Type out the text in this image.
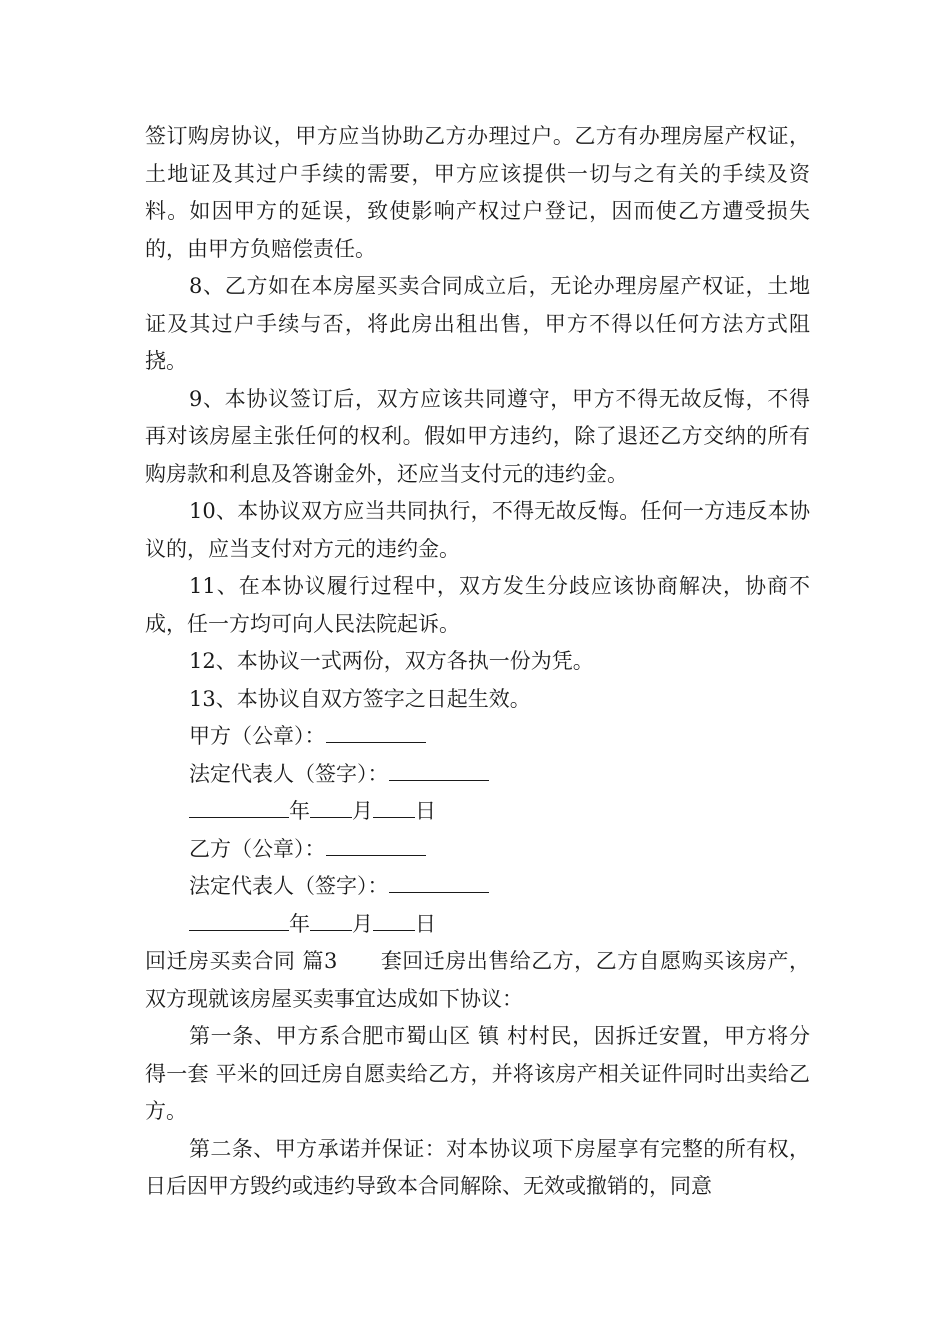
签订购房协议，甲方应当协助乙方办理过户。乙方有办理房屋产权证，土地证及其过户手续的需要，甲方应该提供一切与之有关的手续及资料。如因甲方的延误，致使影响产权过户登记，因而使乙方遭受损失的，由甲方负赔偿责任。

8、乙方如在本房屋买卖合同成立后，无论办理房屋产权证，土地证及其过户手续与否，将此房出租出售，甲方不得以任何方法方式阻挠。

9、本协议签订后，双方应该共同遵守，甲方不得无故反悔，不得再对该房屋主张任何的权利。假如甲方违约，除了退还乙方交纳的所有购房款和利息及答谢金外，还应当支付元的违约金。

10、本协议双方应当共同执行，不得无故反悔。任何一方违反本协议的，应当支付对方元的违约金。

11、在本协议履行过程中，双方发生分歧应该协商解决，协商不成，任一方均可向人民法院起诉。

12、本协议一式两份，双方各执一份为凭。

13、本协议自双方签字之日起生效。

甲方（公章）：
法定代表人（签字）：
年 月 日
乙方（公章）：
法定代表人（签字）：
年 月 日

回迁房买卖合同 篇3　　套回迁房出售给乙方，乙方自愿购买该房产，双方现就该房屋买卖事宜达成如下协议：

第一条、甲方系合肥市蜀山区 镇 村村民，因拆迁安置，甲方将分得一套 平米的回迁房自愿卖给乙方，并将该房产相关证件同时出卖给乙方。

第二条、甲方承诺并保证：对本协议项下房屋享有完整的所有权，日后因甲方毁约或违约导致本合同解除、无效或撤销的，同意
